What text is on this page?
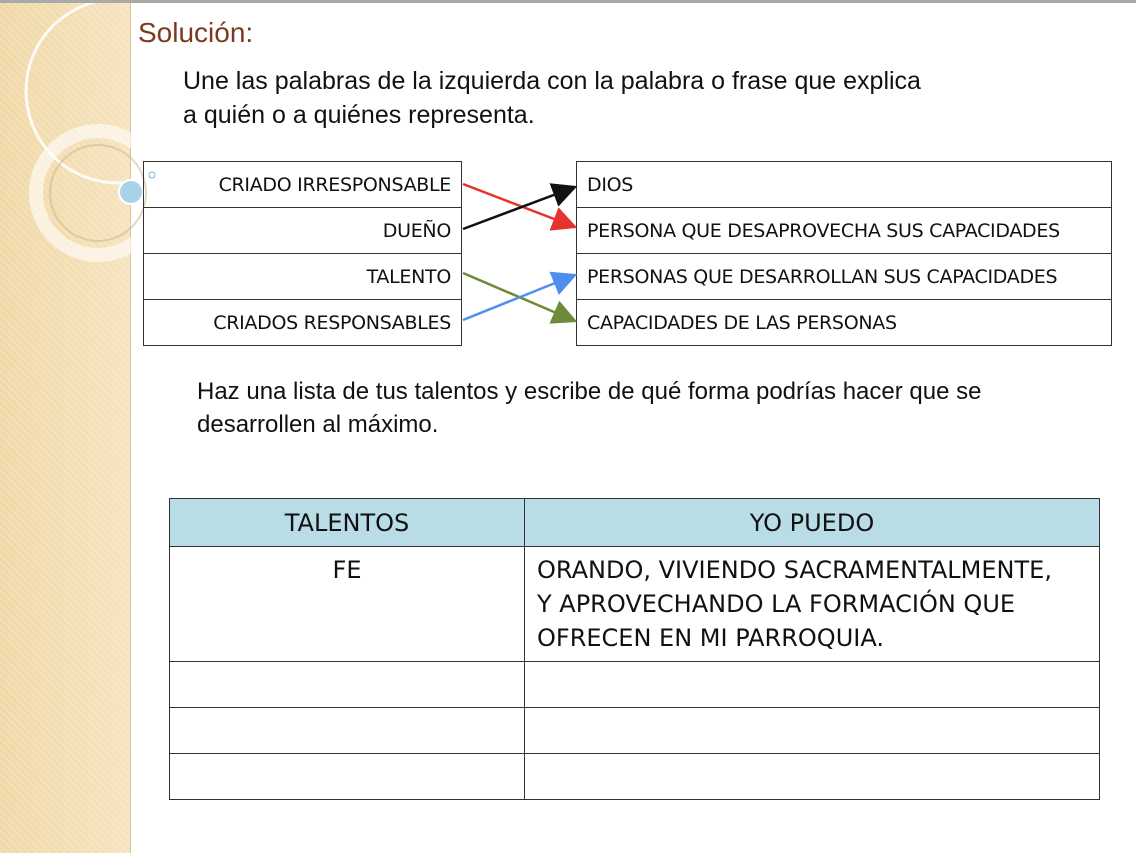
Solución:
Une las palabras de la izquierda con la palabra o frase que explica
a quién o a quiénes representa.
CRIADO IRRESPONSABLE
DUEÑO
TALENTO
CRIADOS RESPONSABLES
DIOS
PERSONA QUE DESAPROVECHA SUS CAPACIDADES
PERSONAS QUE DESARROLLAN SUS CAPACIDADES
CAPACIDADES DE LAS PERSONAS
Haz una lista de tus talentos y escribe de qué forma podrías hacer que se
desarrollen al máximo.
TALENTOS	YO PUEDO
FE	ORANDO, VIVIENDO SACRAMENTALMENTE,
Y APROVECHANDO LA FORMACIÓN QUE
OFRECEN EN MI PARROQUIA.
